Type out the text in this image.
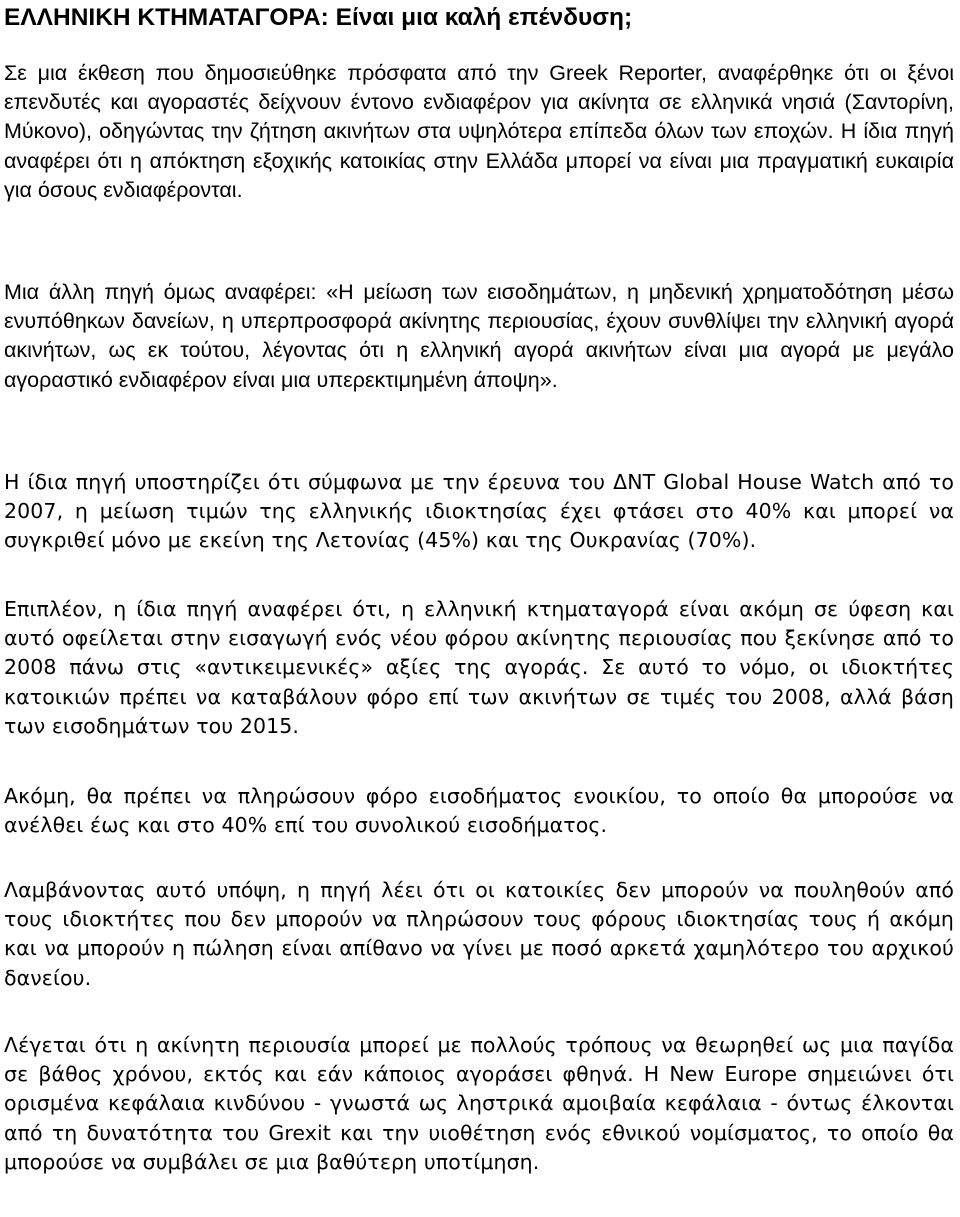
ΕΛΛΗΝΙΚΗ ΚΤΗΜΑΤΑΓΟΡΑ: Είναι μια καλή επένδυση;

Σε μια έκθεση που δημοσιεύθηκε πρόσφατα από την Greek Reporter, αναφέρθηκε ότι οι ξένοι επενδυτές και αγοραστές δείχνουν έντονο ενδιαφέρον για ακίνητα σε ελληνικά νησιά (Σαντορίνη, Μύκονο), οδηγώντας την ζήτηση ακινήτων στα υψηλότερα επίπεδα όλων των εποχών. Η ίδια πηγή αναφέρει ότι η απόκτηση εξοχικής κατοικίας στην Ελλάδα μπορεί να είναι μια πραγματική ευκαιρία για όσους ενδιαφέρονται.

Μια άλλη πηγή όμως αναφέρει: «Η μείωση των εισοδημάτων, η μηδενική χρηματοδότηση μέσω ενυπόθηκων δανείων, η υπερπροσφορά ακίνητης περιουσίας, έχουν συνθλίψει την ελληνική αγορά ακινήτων, ως εκ τούτου, λέγοντας ότι η ελληνική αγορά ακινήτων είναι μια αγορά με μεγάλο αγοραστικό ενδιαφέρον είναι μια υπερεκτιμημένη άποψη».

Η ίδια πηγή υποστηρίζει ότι σύμφωνα με την έρευνα του ΔΝΤ Global House Watch από το 2007, η μείωση τιμών της ελληνικής ιδιοκτησίας έχει φτάσει στο 40% και μπορεί να συγκριθεί μόνο με εκείνη της Λετονίας (45%) και της Ουκρανίας (70%).

Επιπλέον, η ίδια πηγή αναφέρει ότι, η ελληνική κτηματαγορά είναι ακόμη σε ύφεση και αυτό οφείλεται στην εισαγωγή ενός νέου φόρου ακίνητης περιουσίας που ξεκίνησε από το 2008 πάνω στις «αντικειμενικές» αξίες της αγοράς. Σε αυτό το νόμο, οι ιδιοκτήτες κατοικιών πρέπει να καταβάλουν φόρο επί των ακινήτων σε τιμές του 2008, αλλά βάση των εισοδημάτων του 2015.

Ακόμη, θα πρέπει να πληρώσουν φόρο εισοδήματος ενοικίου, το οποίο θα μπορούσε να ανέλθει έως και στο 40% επί του συνολικού εισοδήματος.

Λαμβάνοντας αυτό υπόψη, η πηγή λέει ότι οι κατοικίες δεν μπορούν να πουληθούν από τους ιδιοκτήτες που δεν μπορούν να πληρώσουν τους φόρους ιδιοκτησίας τους ή ακόμη και να μπορούν η πώληση είναι απίθανο να γίνει με ποσό αρκετά χαμηλότερο του αρχικού δανείου.

Λέγεται ότι η ακίνητη περιουσία μπορεί με πολλούς τρόπους να θεωρηθεί ως μια παγίδα σε βάθος χρόνου, εκτός και εάν κάποιος αγοράσει φθηνά. Η New Europe σημειώνει ότι ορισμένα κεφάλαια κινδύνου - γνωστά ως ληστρικά αμοιβαία κεφάλαια - όντως έλκονται από τη δυνατότητα του Grexit και την υιοθέτηση ενός εθνικού νομίσματος, το οποίο θα μπορούσε να συμβάλει σε μια βαθύτερη υποτίμηση.
